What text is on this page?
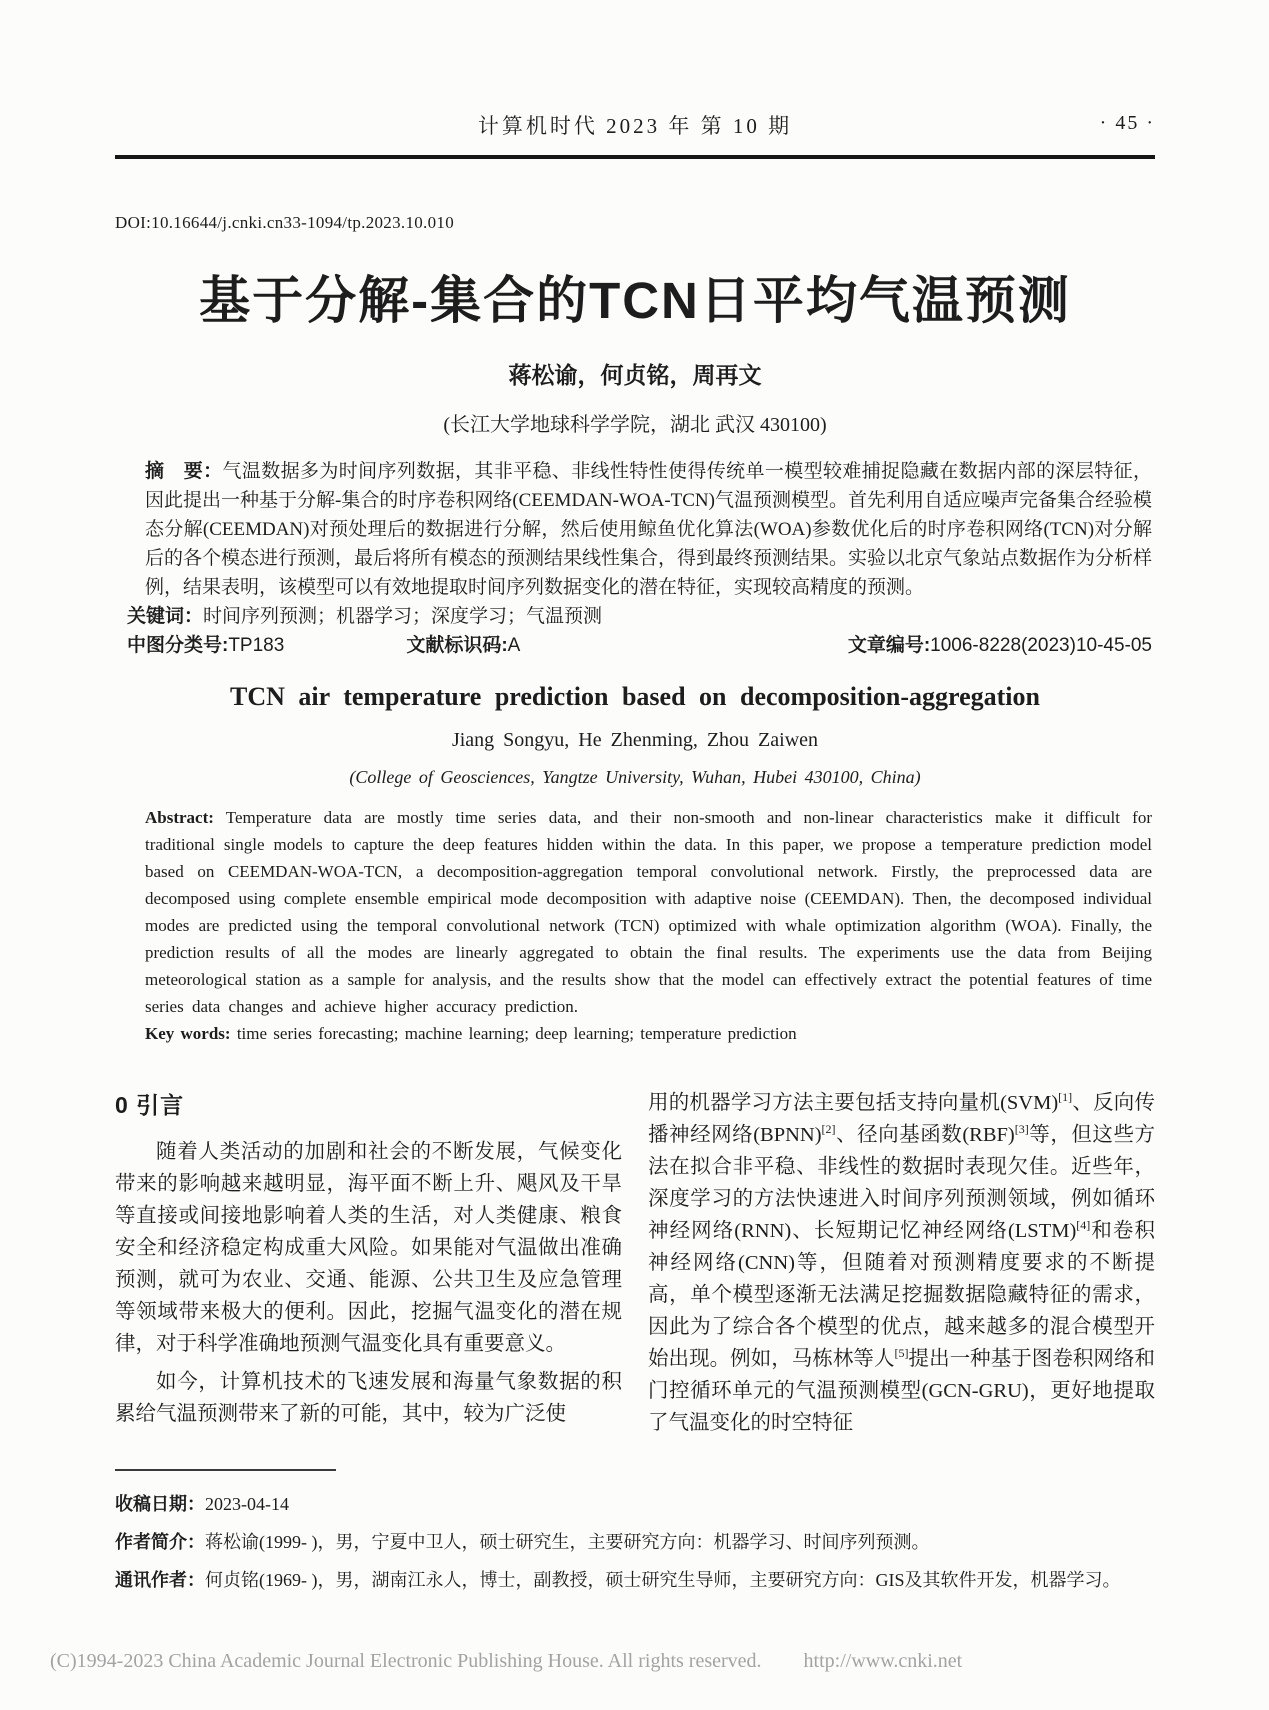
计算机时代 2023 年 第 10 期	· 45 ·
DOI:10.16644/j.cnki.cn33-1094/tp.2023.10.010
基于分解-集合的TCN日平均气温预测
蒋松谕，何贞铭，周再文
(长江大学地球科学学院，湖北 武汉 430100)
摘　要：气温数据多为时间序列数据，其非平稳、非线性特性使得传统单一模型较难捕捉隐藏在数据内部的深层特征，因此提出一种基于分解-集合的时序卷积网络(CEEMDAN-WOA-TCN)气温预测模型。首先利用自适应噪声完备集合经验模态分解(CEEMDAN)对预处理后的数据进行分解，然后使用鲸鱼优化算法(WOA)参数优化后的时序卷积网络(TCN)对分解后的各个模态进行预测，最后将所有模态的预测结果线性集合，得到最终预测结果。实验以北京气象站点数据作为分析样例，结果表明，该模型可以有效地提取时间序列数据变化的潜在特征，实现较高精度的预测。
关键词：时间序列预测；机器学习；深度学习；气温预测
中图分类号:TP183	文献标识码:A	文章编号:1006-8228(2023)10-45-05
TCN air temperature prediction based on decomposition-aggregation
Jiang Songyu, He Zhenming, Zhou Zaiwen
(College of Geosciences, Yangtze University, Wuhan, Hubei 430100, China)
Abstract: Temperature data are mostly time series data, and their non-smooth and non-linear characteristics make it difficult for traditional single models to capture the deep features hidden within the data. In this paper, we propose a temperature prediction model based on CEEMDAN-WOA-TCN, a decomposition-aggregation temporal convolutional network. Firstly, the preprocessed data are decomposed using complete ensemble empirical mode decomposition with adaptive noise (CEEMDAN). Then, the decomposed individual modes are predicted using the temporal convolutional network (TCN) optimized with whale optimization algorithm (WOA). Finally, the prediction results of all the modes are linearly aggregated to obtain the final results. The experiments use the data from Beijing meteorological station as a sample for analysis, and the results show that the model can effectively extract the potential features of time series data changes and achieve higher accuracy prediction.
Key words: time series forecasting; machine learning; deep learning; temperature prediction
0 引言

随着人类活动的加剧和社会的不断发展，气候变化带来的影响越来越明显，海平面不断上升、飓风及干旱等直接或间接地影响着人类的生活，对人类健康、粮食安全和经济稳定构成重大风险。如果能对气温做出准确预测，就可为农业、交通、能源、公共卫生及应急管理等领域带来极大的便利。因此，挖掘气温变化的潜在规律，对于科学准确地预测气温变化具有重要意义。

如今，计算机技术的飞速发展和海量气象数据的积累给气温预测带来了新的可能，其中，较为广泛使

用的机器学习方法主要包括支持向量机(SVM)[1]、反向传播神经网络(BPNN)[2]、径向基函数(RBF)[3]等，但这些方法在拟合非平稳、非线性的数据时表现欠佳。近些年，深度学习的方法快速进入时间序列预测领域，例如循环神经网络(RNN)、长短期记忆神经网络(LSTM)[4]和卷积神经网络(CNN)等，但随着对预测精度要求的不断提高，单个模型逐渐无法满足挖掘数据隐藏特征的需求，因此为了综合各个模型的优点，越来越多的混合模型开始出现。例如，马栋林等人[5]提出一种基于图卷积网络和门控循环单元的气温预测模型(GCN-GRU)，更好地提取了气温变化的时空特征

收稿日期：2023-04-14

作者简介：蒋松谕(1999- )，男，宁夏中卫人，硕士研究生，主要研究方向：机器学习、时间序列预测。

通讯作者：何贞铭(1969- )，男，湖南江永人，博士，副教授，硕士研究生导师，主要研究方向：GIS及其软件开发，机器学习。

(C)1994-2023 China Academic Journal Electronic Publishing House. All rights reserved. http://www.cnki.net
